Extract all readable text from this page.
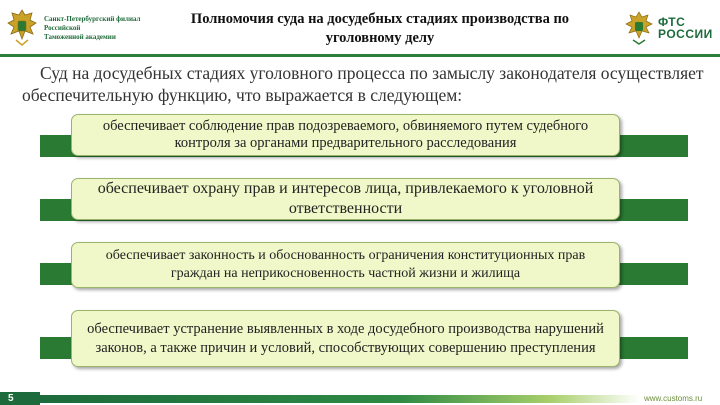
Санкт-Петербургский филиал
Российской
Таможенной академии
Полномочия суда на досудебных стадиях производства по уголовному делу
ФТС
РОССИИ
Суд на досудебных стадиях уголовного процесса по замыслу законодателя осуществляет обеспечительную функцию, что выражается в следующем:
обеспечивает соблюдение прав подозреваемого, обвиняемого путем судебного контроля за органами предварительного расследования
обеспечивает охрану прав и интересов лица, привлекаемого к уголовной ответственности
обеспечивает законность и обоснованность ограничения конституционных прав граждан на неприкосновенность частной жизни и жилища
обеспечивает устранение выявленных в ходе досудебного производства нарушений законов, а также причин и условий, способствующих совершению преступления
5	www.customs.ru
